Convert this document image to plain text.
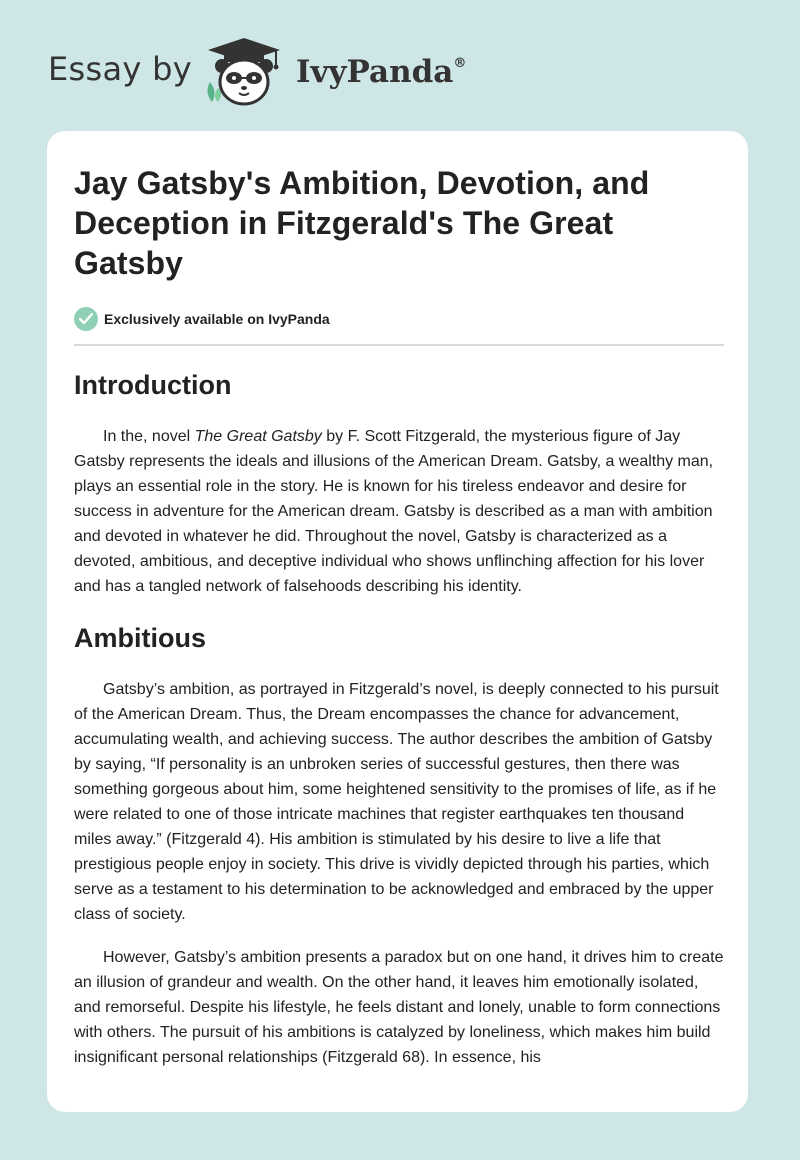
Essay by	IvyPanda®
Jay Gatsby's Ambition, Devotion, and Deception in Fitzgerald's The Great Gatsby
Exclusively available on IvyPanda
Introduction

In the, novel The Great Gatsby by F. Scott Fitzgerald, the mysterious figure of Jay Gatsby represents the ideals and illusions of the American Dream. Gatsby, a wealthy man, plays an essential role in the story. He is known for his tireless endeavor and desire for success in adventure for the American dream. Gatsby is described as a man with ambition and devoted in whatever he did. Throughout the novel, Gatsby is characterized as a devoted, ambitious, and deceptive individual who shows unflinching affection for his lover and has a tangled network of falsehoods describing his identity.

Ambitious

Gatsby’s ambition, as portrayed in Fitzgerald’s novel, is deeply connected to his pursuit of the American Dream. Thus, the Dream encompasses the chance for advancement, accumulating wealth, and achieving success. The author describes the ambition of Gatsby by saying, “If personality is an unbroken series of successful gestures, then there was something gorgeous about him, some heightened sensitivity to the promises of life, as if he were related to one of those intricate machines that register earthquakes ten thousand miles away.” (Fitzgerald 4). His ambition is stimulated by his desire to live a life that prestigious people enjoy in society. This drive is vividly depicted through his parties, which serve as a testament to his determination to be acknowledged and embraced by the upper class of society.

However, Gatsby’s ambition presents a paradox but on one hand, it drives him to create an illusion of grandeur and wealth. On the other hand, it leaves him emotionally isolated, and remorseful. Despite his lifestyle, he feels distant and lonely, unable to form connections with others. The pursuit of his ambitions is catalyzed by loneliness, which makes him build insignificant personal relationships (Fitzgerald 68). In essence, his
